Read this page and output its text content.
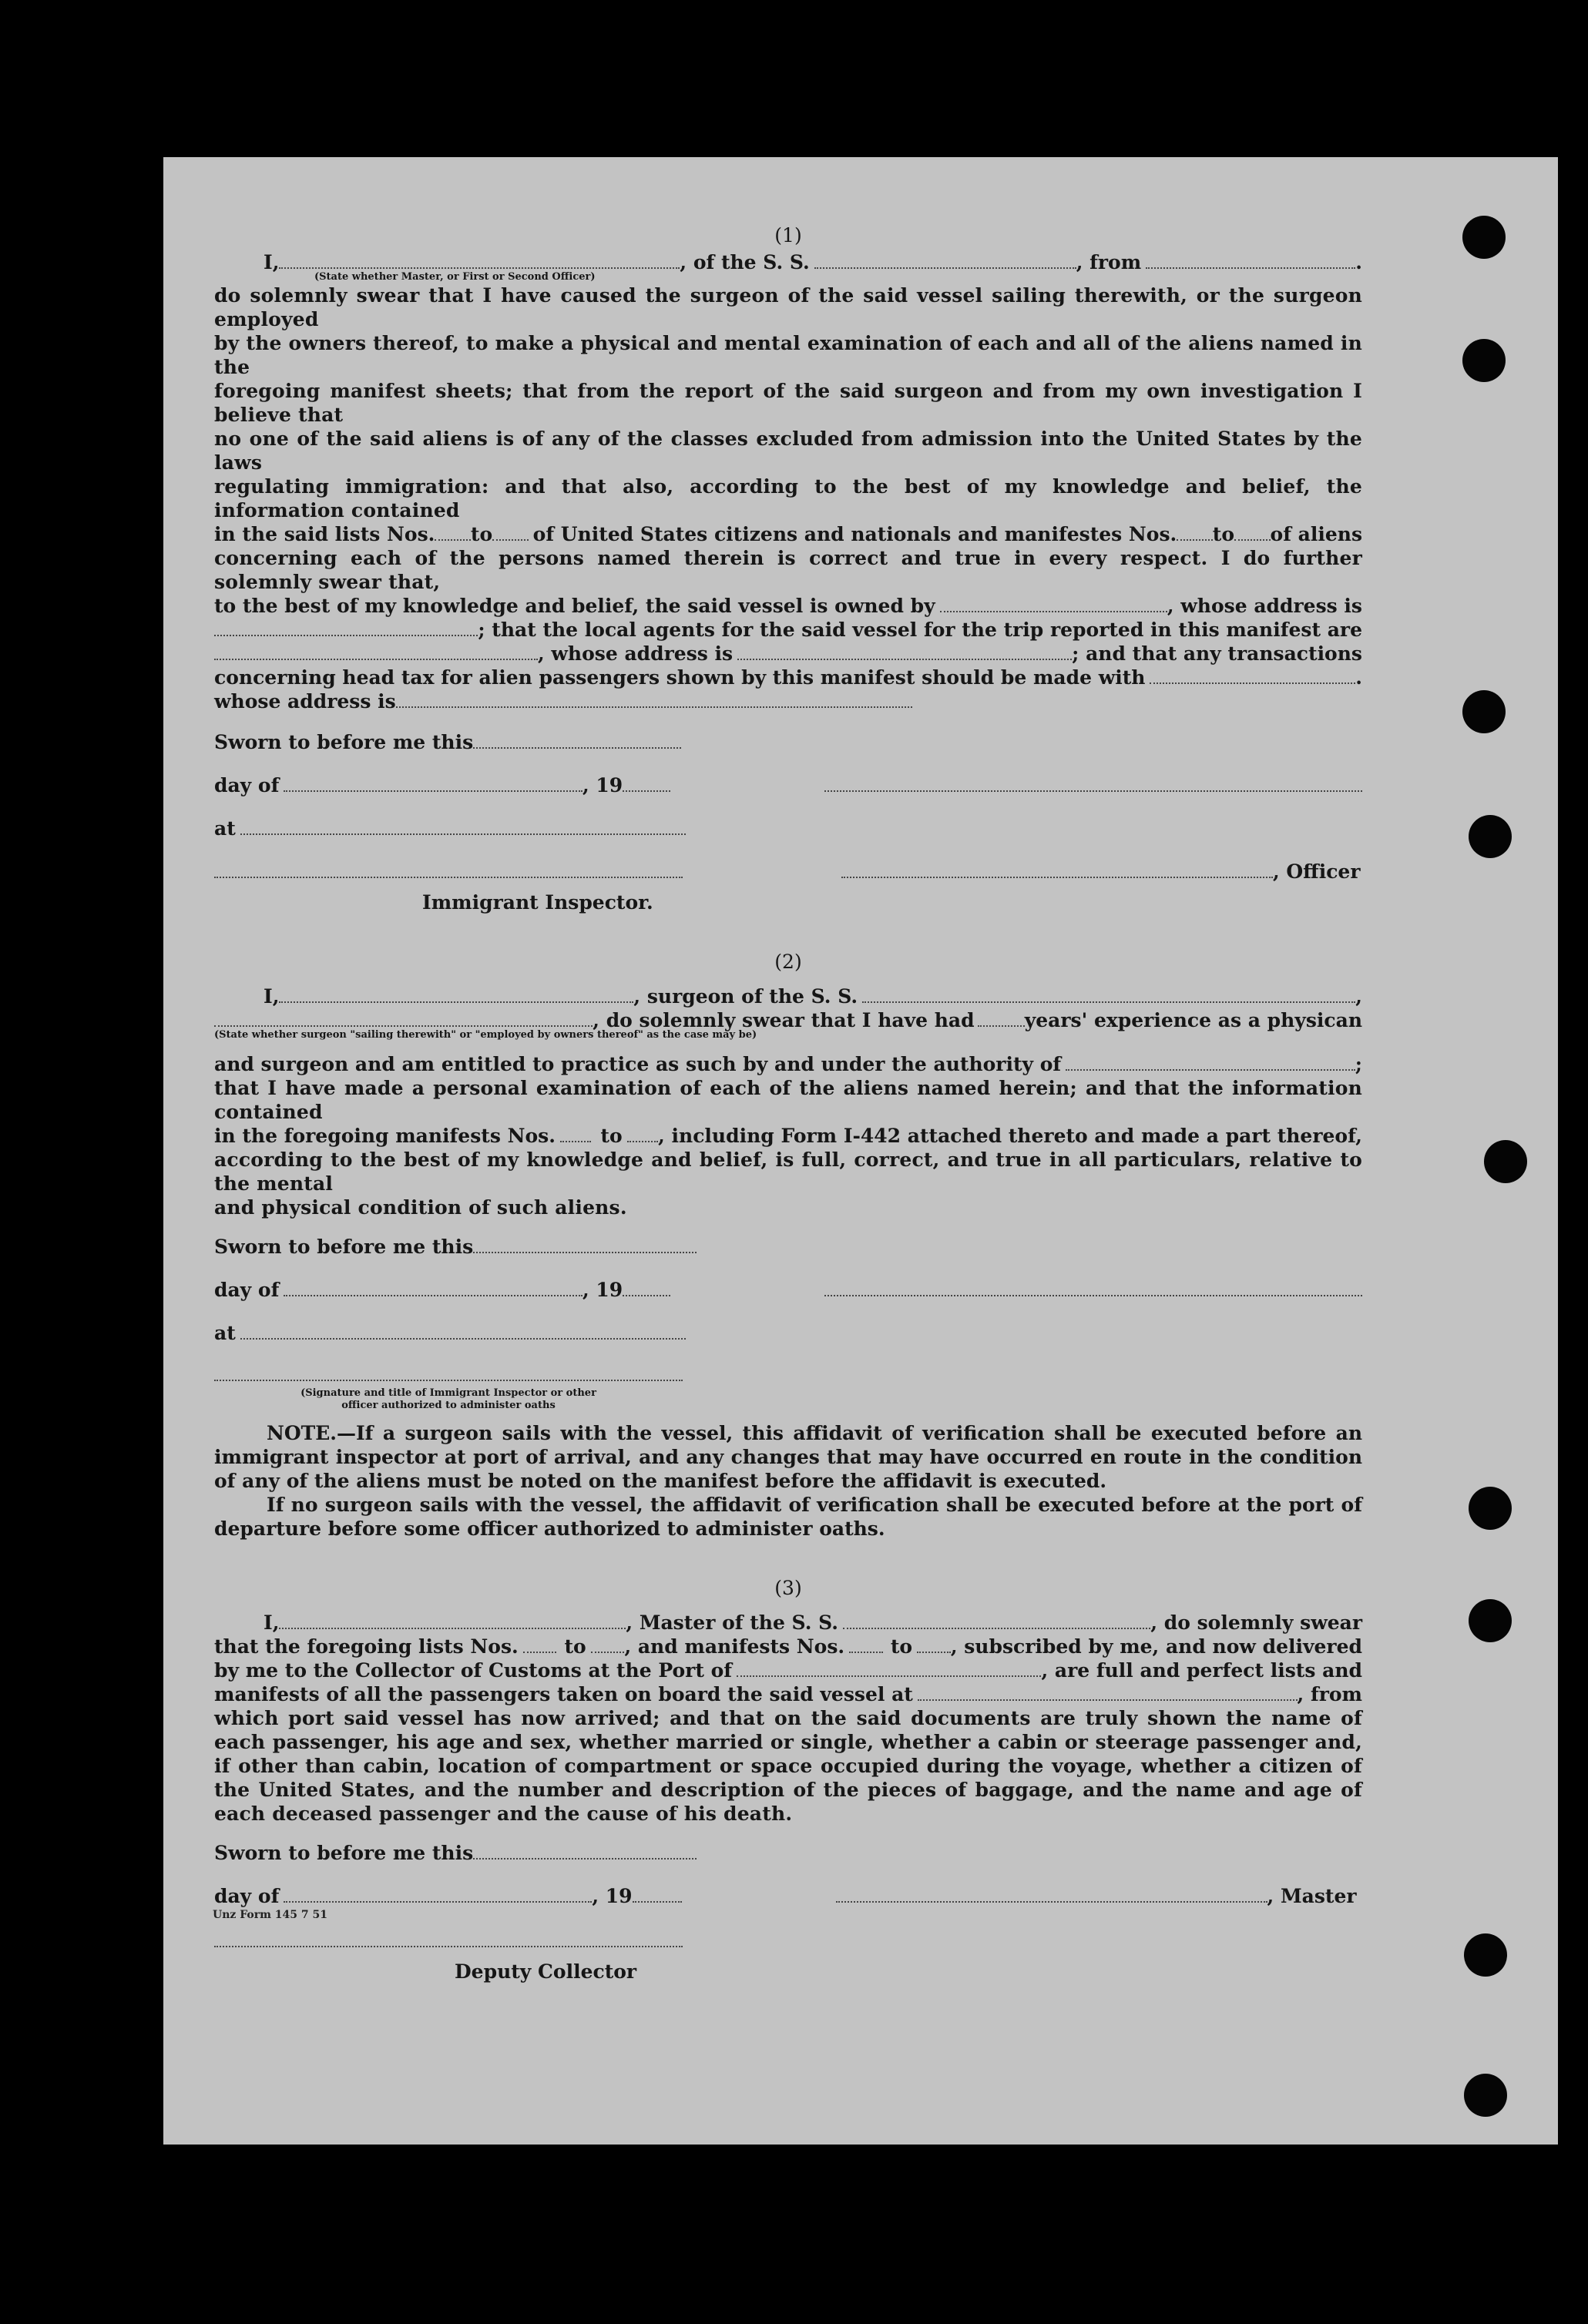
(1)

I,	, of the S. S.	, from	.
(State whether Master, or First or Second Officer)

do solemnly swear that I have caused the surgeon of the said vessel sailing therewith, or the surgeon employed

by the owners thereof, to make a physical and mental examination of each and all of the aliens named in the

foregoing manifest sheets; that from the report of the said surgeon and from my own investigation I believe that

no one of the said aliens is of any of the classes excluded from admission into the United States by the laws

regulating immigration: and that also, according to the best of my knowledge and belief, the information contained

in the said lists Nos. to of United States citizens and nationals and manifestes Nos. to of aliens

concerning each of the persons named therein is correct and true in every respect. I do further solemnly swear that,

to the best of my knowledge and belief, the said vessel is owned by	, whose address is
; that the local agents for the said vessel for the trip reported in this manifest are
, whose address is	; and that any transactions
concerning head tax for alien passengers shown by this manifest should be made with	.
whose address is
Sworn to before me this
day of	, 19
at
, Officer
Immigrant Inspector.

(2)

I,	, surgeon of the S. S.	,
, do solemnly swear that I have had	years' experience as a physican
(State whether surgeon "sailing therewith" or "employed by owners thereof" as the case may be)
and surgeon and am entitled to practice as such by and under the authority of	;

that I have made a personal examination of each of the aliens named herein; and that the information contained

in the foregoing manifests Nos. to , including Form I-442 attached thereto and made a part thereof,

according to the best of my knowledge and belief, is full, correct, and true in all particulars, relative to the mental

and physical condition of such aliens.

Sworn to before me this
day of	, 19
at
(Signature and title of Immigrant Inspector or other
officer authorized to administer oaths

NOTE.—If a surgeon sails with the vessel, this affidavit of verification shall be executed before an immigrant inspector at port of arrival, and any changes that may have occurred en route in the condition of any of the aliens must be noted on the manifest before the affidavit is executed.

If no surgeon sails with the vessel, the affidavit of verification shall be executed before at the port of departure before some officer authorized to administer oaths.

(3)

I,	, Master of the S. S.	, do solemnly swear
that the foregoing lists Nos. to , and manifests Nos. to , subscribed by me, and now delivered
by me to the Collector of Customs at the Port of	, are full and perfect lists and
manifests of all the passengers taken on board the said vessel at	, from

which port said vessel has now arrived; and that on the said documents are truly shown the name of each passenger, his age and sex, whether married or single, whether a cabin or steerage passenger and, if other than cabin, location of compartment or space occupied during the voyage, whether a citizen of the United States, and the number and description of the pieces of baggage, and the name and age of each deceased passenger and the cause of his death.

Sworn to before me this
day of	, 19	, Master
Deputy Collector
Unz Form 145 7 51
